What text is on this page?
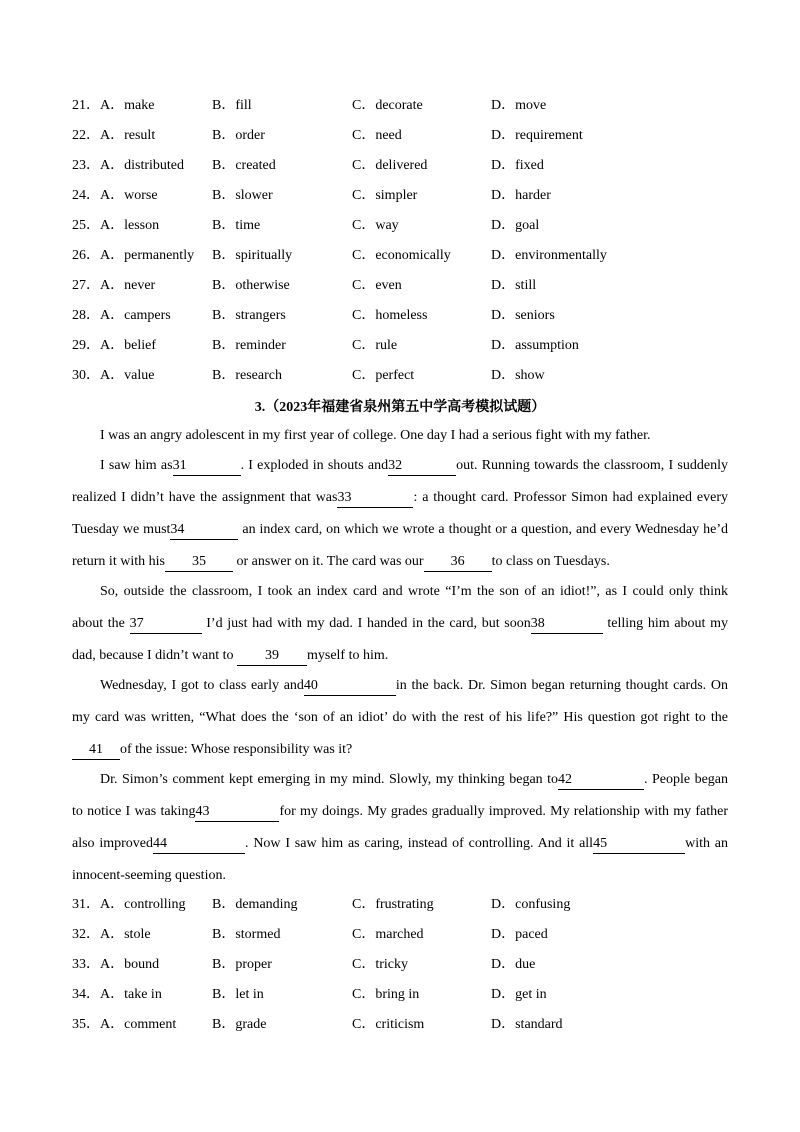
21． A．make	B．fill	C．decorate	D．move
22． A．result	B．order	C．need	D．requirement
23． A．distributed B．created	C．delivered	D．fixed
24． A．worse	B．slower	C．simpler	D．harder
25． A．lesson	B．time	C．way	D．goal
26． A．permanently B．spiritually	C．economically	D．environmentally
27． A．never	B．otherwise	C．even	D．still
28． A．campers	B．strangers	C．homeless	D．seniors
29． A．belief	B．reminder	C．rule	D．assumption
30． A．value	B．research	C．perfect	D．show
3.（2023年福建省泉州第五中学高考模拟试题）
I was an angry adolescent in my first year of college. One day I had a serious fight with my father.
I saw him as31	. I exploded in shouts and32	out. Running towards the classroom, I suddenly
realized I didn’t have the assignment that was33	: a thought card. Professor Simon had explained every
Tuesday we must34	an index card, on which we wrote a thought or a question, and every Wednesday he’d
return it with his 35 or answer on it. The card was our 36 to class on Tuesdays.
So, outside the classroom, I took an index card and wrote “I’m the son of an idiot!”, as I could only think
about the 37	I’d just had with my dad. I handed in the card, but soon38	telling him about my
dad, because I didn’t want to 39 myself to him.
Wednesday, I got to class early and40	in the back. Dr. Simon began returning thought cards. On
my card was written, “What does the ‘son of an idiot’ do with the rest of his life?” His question got right to the
41 of the issue: Whose responsibility was it?
Dr. Simon’s comment kept emerging in my mind. Slowly, my thinking began to42	. People began
to notice I was taking43	for my doings. My grades gradually improved. My relationship with my father
also improved44	. Now I saw him as caring, instead of controlling. And it all45	with an
innocent-seeming question.
31． A．controlling B．demanding	C．frustrating	D．confusing
32． A．stole	B．stormed	C．marched	D．paced
33． A．bound	B．proper	C．tricky	D．due
34． A．take in	B．let in	C．bring in	D．get in
35． A．comment	B．grade	C．criticism	D．standard
